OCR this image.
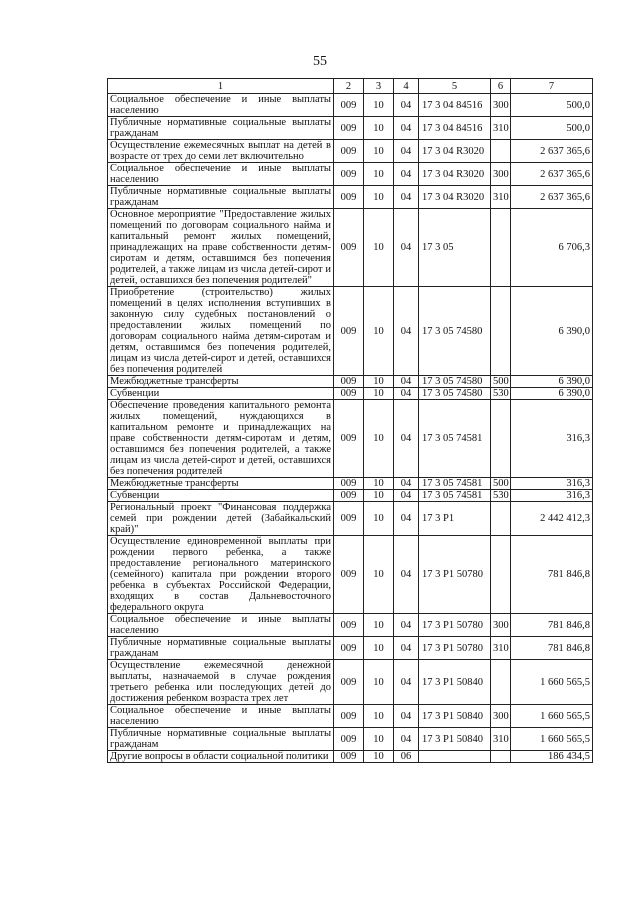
55
1	2	3	4	5	6	7
Социальное обеспечение и иные выплаты населению	009	10	04	17 3 04 84516	300	500,0
Публичные нормативные социальные выплаты гражданам	009	10	04	17 3 04 84516	310	500,0
Осуществление ежемесячных выплат на детей в возрасте от трех до семи лет включительно	009	10	04	17 3 04 R3020		2 637 365,6
Социальное обеспечение и иные выплаты населению	009	10	04	17 3 04 R3020	300	2 637 365,6
Публичные нормативные социальные выплаты гражданам	009	10	04	17 3 04 R3020	310	2 637 365,6
Основное мероприятие "Предоставление жилых помещений по договорам социального найма и капитальный ремонт жилых помещений, принадлежащих на праве собственности детям-сиротам и детям, оставшимся без попечения родителей, а также лицам из числа детей-сирот и детей, оставшихся без попечения родителей"	009	10	04	17 3 05		6 706,3
Приобретение (строительство) жилых помещений в целях исполнения вступивших в законную силу судебных постановлений о предоставлении жилых помещений по договорам социального найма детям-сиротам и детям, оставшимся без попечения родителей, лицам из числа детей-сирот и детей, оставшихся без попечения родителей	009	10	04	17 3 05 74580		6 390,0
Межбюджетные трансферты	009	10	04	17 3 05 74580	500	6 390,0
Субвенции	009	10	04	17 3 05 74580	530	6 390,0
Обеспечение проведения капитального ремонта жилых помещений, нуждающихся в капитальном ремонте и принадлежащих на праве собственности детям-сиротам и детям, оставшимся без попечения родителей, а также лицам из числа детей-сирот и детей, оставшихся без попечения родителей	009	10	04	17 3 05 74581		316,3
Межбюджетные трансферты	009	10	04	17 3 05 74581	500	316,3
Субвенции	009	10	04	17 3 05 74581	530	316,3
Региональный проект "Финансовая поддержка семей при рождении детей (Забайкальский край)"	009	10	04	17 3 P1		2 442 412,3
Осуществление единовременной выплаты при рождении первого ребенка, а также предоставление регионального материнского (семейного) капитала при рождении второго ребенка в субъектах Российской Федерации, входящих в состав Дальневосточного федерального округа	009	10	04	17 3 P1 50780		781 846,8
Социальное обеспечение и иные выплаты населению	009	10	04	17 3 P1 50780	300	781 846,8
Публичные нормативные социальные выплаты гражданам	009	10	04	17 3 P1 50780	310	781 846,8
Осуществление ежемесячной денежной выплаты, назначаемой в случае рождения третьего ребенка или последующих детей до достижения ребенком возраста трех лет	009	10	04	17 3 P1 50840		1 660 565,5
Социальное обеспечение и иные выплаты населению	009	10	04	17 3 P1 50840	300	1 660 565,5
Публичные нормативные социальные выплаты гражданам	009	10	04	17 3 P1 50840	310	1 660 565,5
Другие вопросы в области социальной политики	009	10	06			186 434,5
